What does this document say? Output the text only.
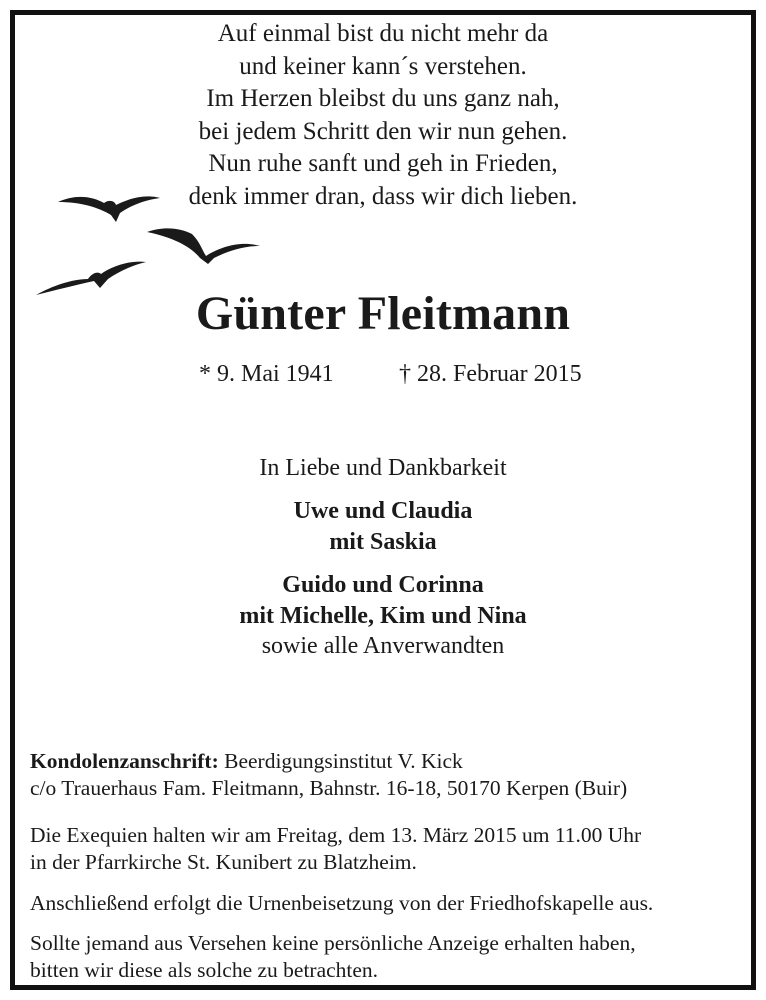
Auf einmal bist du nicht mehr da
und keiner kann´s verstehen.
Im Herzen bleibst du uns ganz nah,
bei jedem Schritt den wir nun gehen.
Nun ruhe sanft und geh in Frieden,
denk immer dran, dass wir dich lieben.
Günter Fleitmann
* 9. Mai 1941	† 28. Februar 2015
In Liebe und Dankbarkeit
Uwe und Claudia
mit Saskia
Guido und Corinna
mit Michelle, Kim und Nina
sowie alle Anverwandten
Kondolenzanschrift: Beerdigungsinstitut V. Kick
c/o Trauerhaus Fam. Fleitmann, Bahnstr. 16-18, 50170 Kerpen (Buir)
Die Exequien halten wir am Freitag, dem 13. März 2015 um 11.00 Uhr
in der Pfarrkirche St. Kunibert zu Blatzheim.
Anschließend erfolgt die Urnenbeisetzung von der Friedhofskapelle aus.
Sollte jemand aus Versehen keine persönliche Anzeige erhalten haben,
bitten wir diese als solche zu betrachten.
